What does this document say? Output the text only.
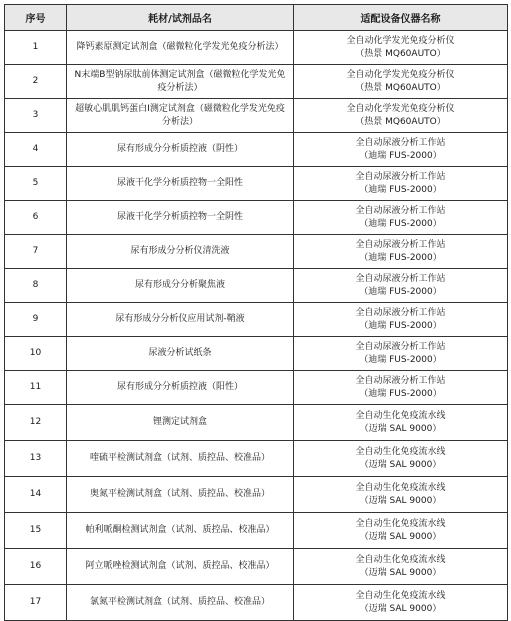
序号	耗材/试剂品名	适配设备仪器名称
1	降钙素原测定试剂盒（磁微粒化学发光免疫分析法）	全自动化学发光免疫分析仪
（热景 MQ60AUTO）

2	N末端B型钠尿肽前体测定试剂盒（磁微粒化学发光免疫分析法）	全自动化学发光免疫分析仪
（热景 MQ60AUTO）

3	超敏心肌肌钙蛋白I测定试剂盒（磁微粒化学发光免疫分析法）	全自动化学发光免疫分析仪
（热景 MQ60AUTO）

4	尿有形成分分析质控液（阴性）	全自动尿液分析工作站
（迪瑞 FUS-2000）

5	尿液干化学分析质控物一全阳性	全自动尿液分析工作站
（迪瑞 FUS-2000）

6	尿液干化学分析质控物一全阴性	全自动尿液分析工作站
（迪瑞 FUS-2000）

7	尿有形成分分析仪清洗液	全自动尿液分析工作站
（迪瑞 FUS-2000）

8	尿有形成分分析聚焦液	全自动尿液分析工作站
（迪瑞 FUS-2000）

9	尿有形成分分析仪应用试剂-鞘液	全自动尿液分析工作站
（迪瑞 FUS-2000）

10	尿液分析试纸条	全自动尿液分析工作站
（迪瑞 FUS-2000）

11	尿有形成分分析质控液（阳性）	全自动尿液分析工作站
（迪瑞 FUS-2000）

12	锂测定试剂盒	全自动生化免疫流水线
（迈瑞 SAL 9000）

13	喹硫平检测试剂盒（试剂、质控品、校准品）	全自动生化免疫流水线
（迈瑞 SAL 9000）

14	奥氮平检测试剂盒（试剂、质控品、校准品）	全自动生化免疫流水线
（迈瑞 SAL 9000）

15	帕利哌酮检测试剂盒（试剂、质控品、校准品）	全自动生化免疫流水线
（迈瑞 SAL 9000）

16	阿立哌唑检测试剂盒（试剂、质控品、校准品）	全自动生化免疫流水线
（迈瑞 SAL 9000）

17	氯氮平检测试剂盒（试剂、质控品、校准品）	全自动生化免疫流水线
（迈瑞 SAL 9000）
